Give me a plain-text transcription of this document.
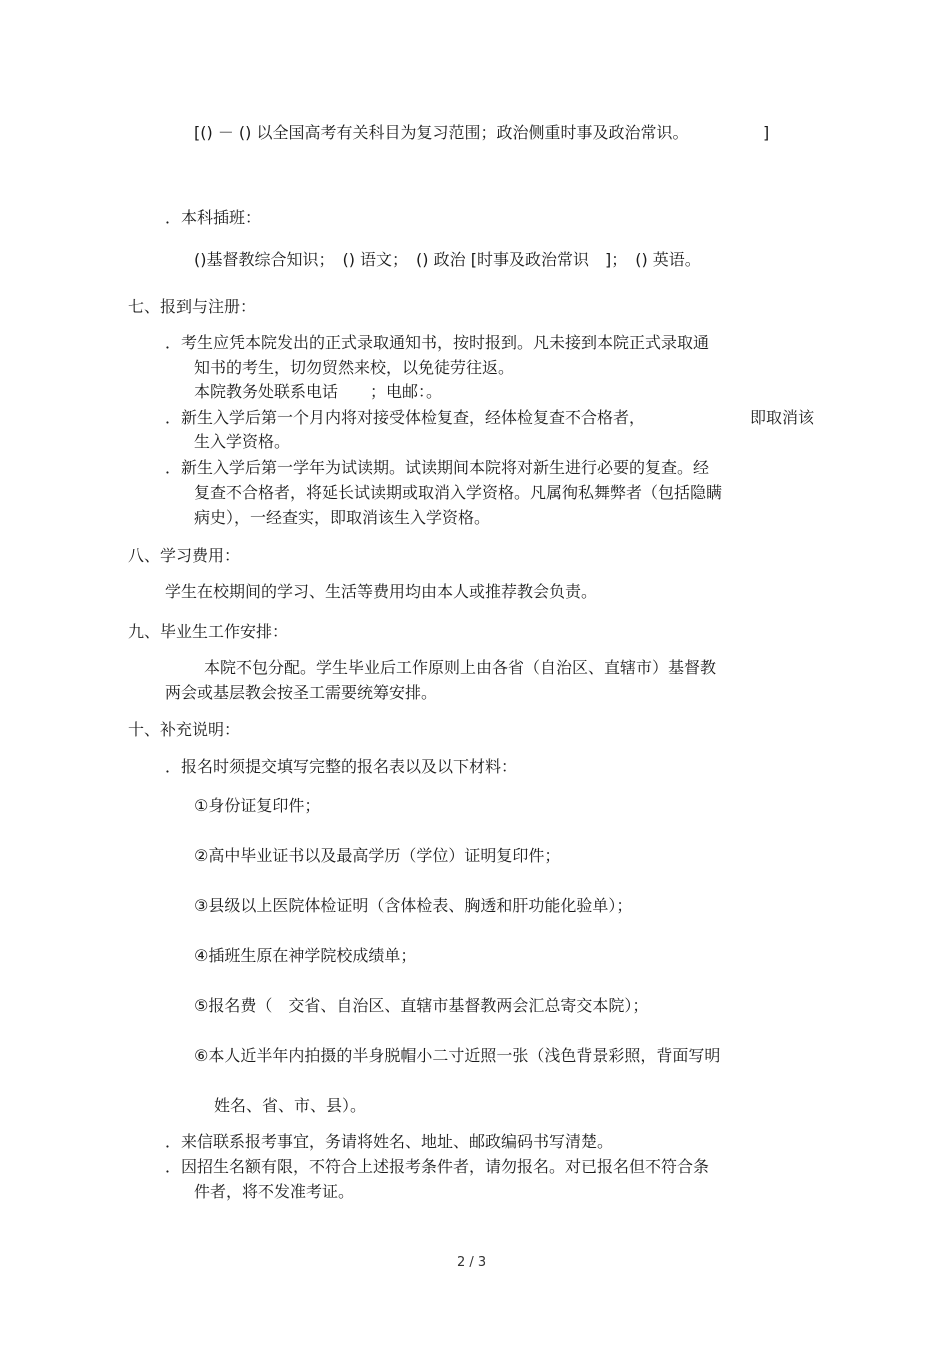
[() － () 以全国高考有关科目为复习范围；政治侧重时事及政治常识。	]
．本科插班：
()基督教综合知识；　() 语文；　() 政治 [时事及政治常识　]；　() 英语。
七、报到与注册：
．考生应凭本院发出的正式录取通知书，按时报到。凡未接到本院正式录取通
知书的考生，切勿贸然来校，以免徒劳往返。
本院教务处联系电话　　；电邮：。
．新生入学后第一个月内将对接受体检复查，经体检复查不合格者，	即取消该
生入学资格。
．新生入学后第一学年为试读期。试读期间本院将对新生进行必要的复查。经
复查不合格者，将延长试读期或取消入学资格。凡属徇私舞弊者（包括隐瞒
病史），一经查实，即取消该生入学资格。
八、学习费用：
学生在校期间的学习、生活等费用均由本人或推荐教会负责。
九、毕业生工作安排：
本院不包分配。学生毕业后工作原则上由各省（自治区、直辖市）基督教
两会或基层教会按圣工需要统筹安排。
十、补充说明：
．报名时须提交填写完整的报名表以及以下材料：
①身份证复印件；
②高中毕业证书以及最高学历（学位）证明复印件；
③县级以上医院体检证明（含体检表、胸透和肝功能化验单）；
④插班生原在神学院校成绩单；
⑤报名费（　交省、自治区、直辖市基督教两会汇总寄交本院）；
⑥本人近半年内拍摄的半身脱帽小二寸近照一张（浅色背景彩照，背面写明
姓名、省、市、县）。
．来信联系报考事宜，务请将姓名、地址、邮政编码书写清楚。
．因招生名额有限，不符合上述报考条件者，请勿报名。对已报名但不符合条
件者，将不发准考证。
2 / 3
